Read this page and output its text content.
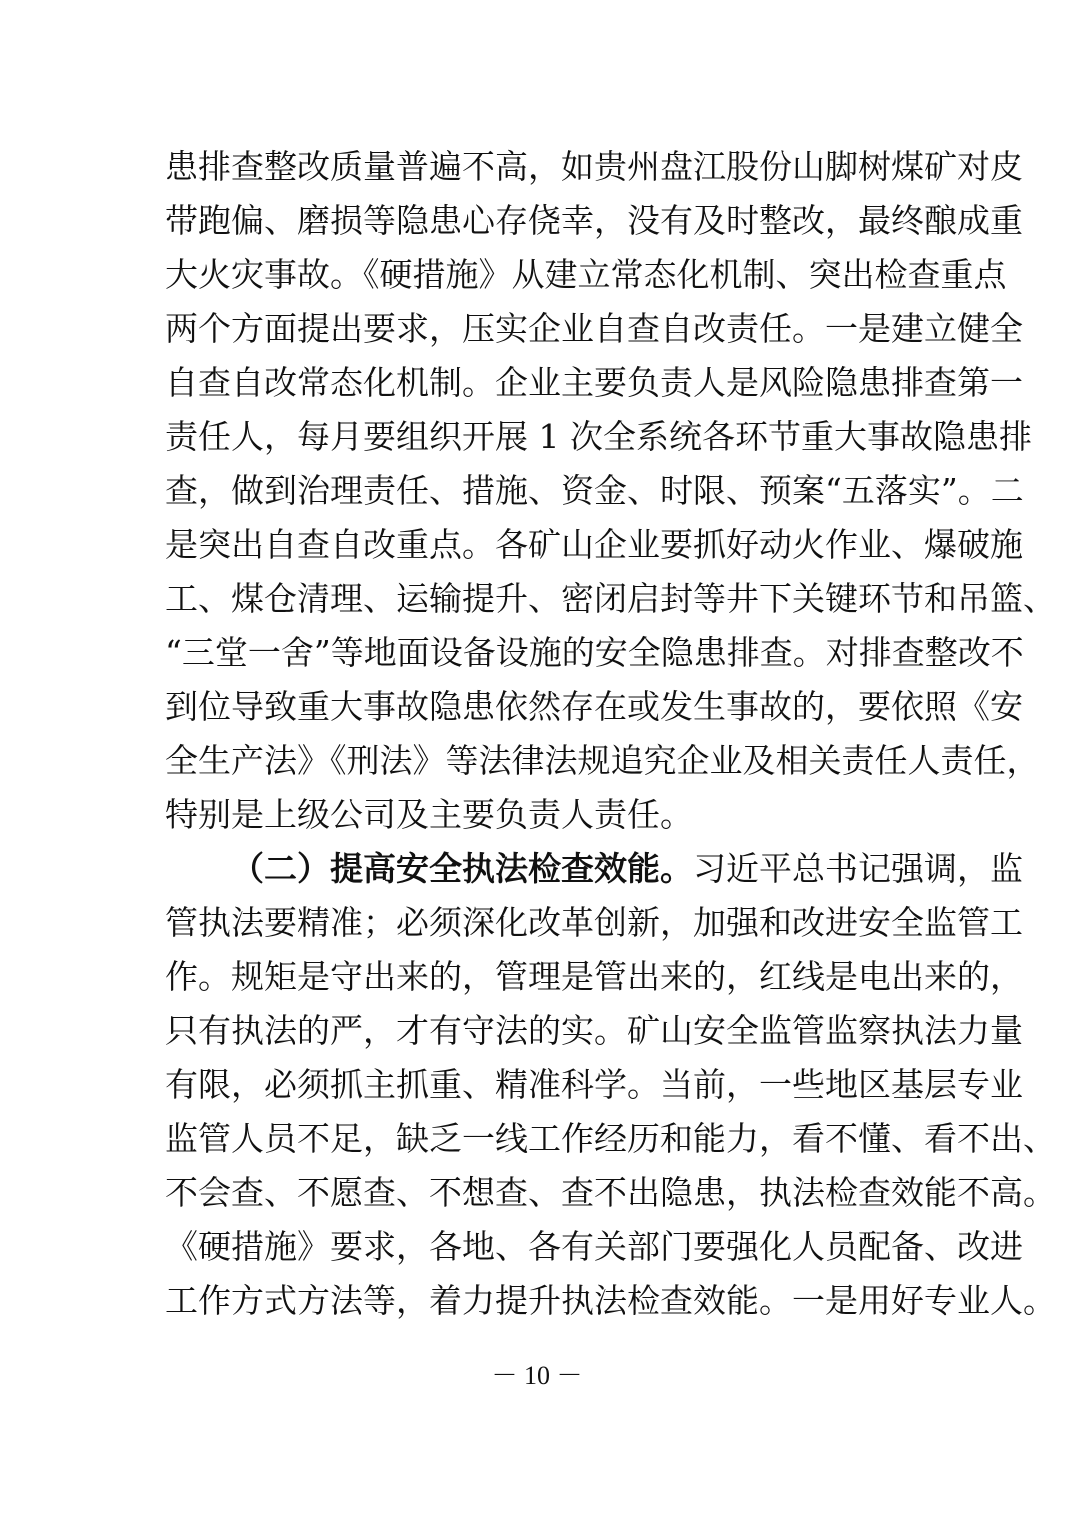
患排查整改质量普遍不高，如贵州盘江股份山脚树煤矿对皮
带跑偏、磨损等隐患心存侥幸，没有及时整改，最终酿成重
大火灾事故。《硬措施》从建立常态化机制、突出检查重点
两个方面提出要求，压实企业自查自改责任。一是建立健全
自查自改常态化机制。企业主要负责人是风险隐患排查第一
责任人，每月要组织开展 1 次全系统各环节重大事故隐患排
查，做到治理责任、措施、资金、时限、预案“五落实”。二
是突出自查自改重点。各矿山企业要抓好动火作业、爆破施
工、煤仓清理、运输提升、密闭启封等井下关键环节和吊篮、
“三堂一舍”等地面设备设施的安全隐患排查。对排查整改不
到位导致重大事故隐患依然存在或发生事故的，要依照《安
全生产法》《刑法》等法律法规追究企业及相关责任人责任，
特别是上级公司及主要负责人责任。
（二）提高安全执法检查效能。习近平总书记强调，监
管执法要精准；必须深化改革创新，加强和改进安全监管工
作。规矩是守出来的，管理是管出来的，红线是电出来的，
只有执法的严，才有守法的实。矿山安全监管监察执法力量
有限，必须抓主抓重、精准科学。当前，一些地区基层专业
监管人员不足，缺乏一线工作经历和能力，看不懂、看不出、
不会查、不愿查、不想查、查不出隐患，执法检查效能不高。
《硬措施》要求，各地、各有关部门要强化人员配备、改进
工作方式方法等，着力提升执法检查效能。一是用好专业人。
－ 10 －
